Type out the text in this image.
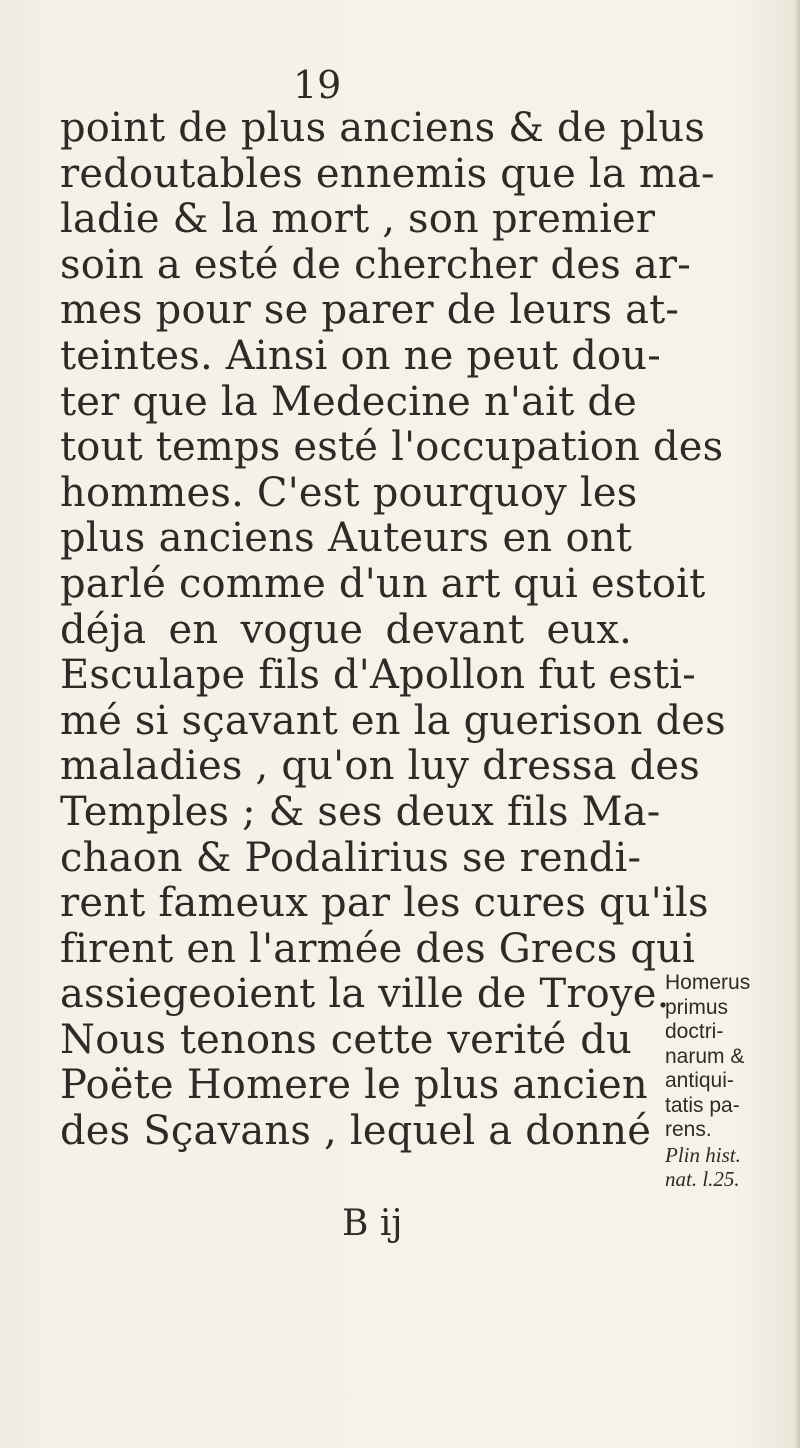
19

point de plus anciens & de plus
redoutables ennemis que la ma-
ladie & la mort , son premier
soin a esté de chercher des ar-
mes pour se parer de leurs at-
teintes. Ainsi on ne peut dou-
ter que la Medecine n'ait de
tout temps esté l'occupation des
hommes. C'est pourquoy les
plus anciens Auteurs en ont
parlé comme d'un art qui estoit
déja en vogue devant eux.
Esculape fils d'Apollon fut esti-
mé si sçavant en la guerison des
maladies , qu'on luy dressa des
Temples ; & ses deux fils Ma-
chaon & Podalirius se rendi-
rent fameux par les cures qu'ils
firent en l'armée des Grecs qui
assiegeoient la ville de Troye.
Nous tenons cette verité du
Poëte Homere le plus ancien
des Sçavans , lequel a donné

B ij

Homerus
primus
doctri-
narum &
antiqui-
tatis pa-
rens.
Plin hist.
nat. l.25.
